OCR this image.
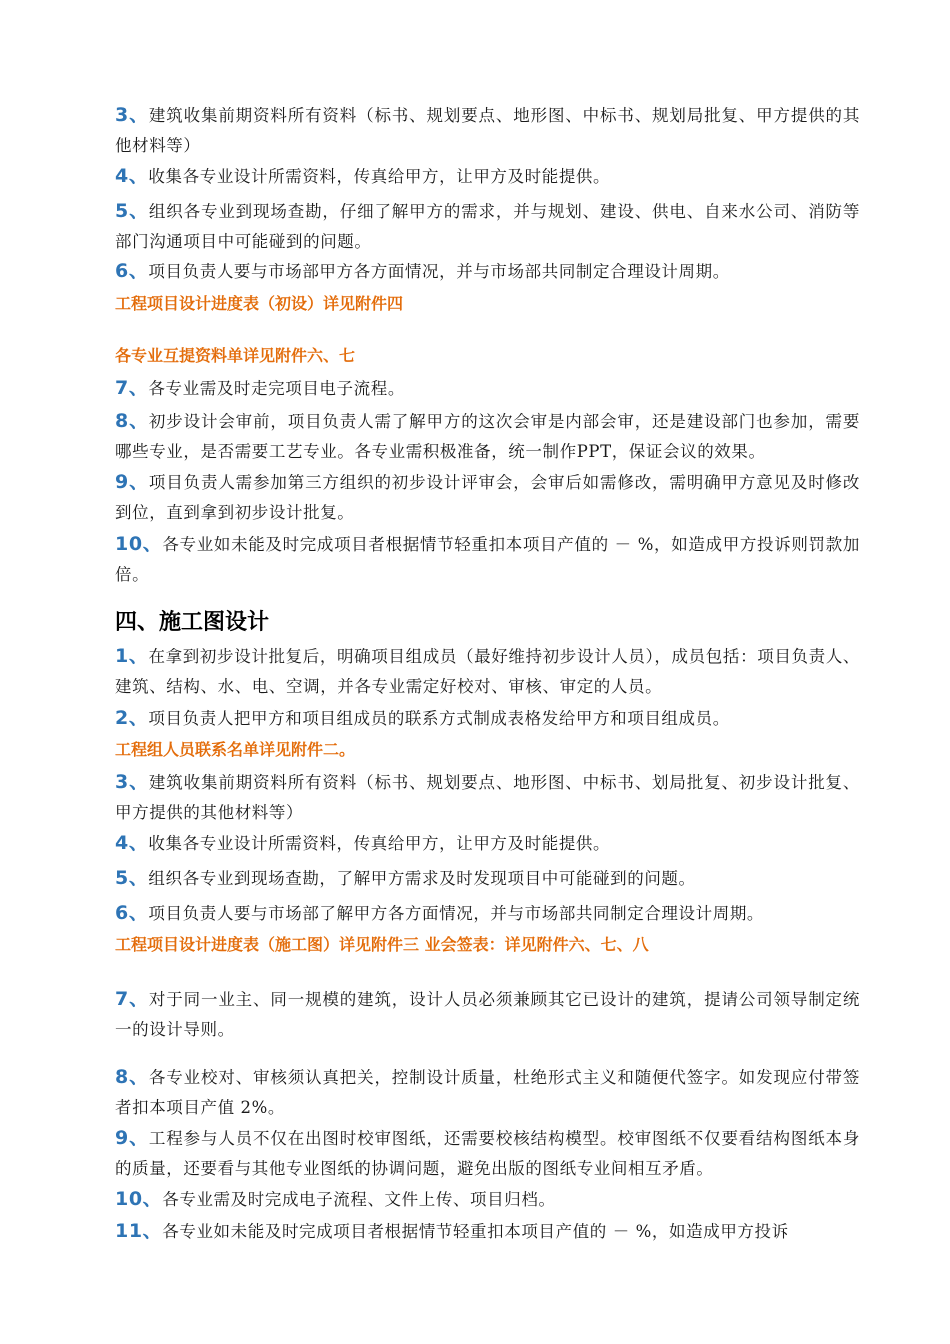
3、建筑收集前期资料所有资料（标书、规划要点、地形图、中标书、规划局批复、甲方提供的其他材料等）
4、收集各专业设计所需资料，传真给甲方，让甲方及时能提供。
5、组织各专业到现场查勘，仔细了解甲方的需求，并与规划、建设、供电、自来水公司、消防等部门沟通项目中可能碰到的问题。
6、项目负责人要与市场部甲方各方面情况，并与市场部共同制定合理设计周期。
工程项目设计进度表（初设）详见附件四
各专业互提资料单详见附件六、七
7、各专业需及时走完项目电子流程。
8、初步设计会审前，项目负责人需了解甲方的这次会审是内部会审，还是建设部门也参加，需要哪些专业，是否需要工艺专业。各专业需积极准备，统一制作PPT，保证会议的效果。
9、项目负责人需参加第三方组织的初步设计评审会，会审后如需修改，需明确甲方意见及时修改到位，直到拿到初步设计批复。
10、各专业如未能及时完成项目者根据情节轻重扣本项目产值的 － %，如造成甲方投诉则罚款加倍。
四、施工图设计
1、在拿到初步设计批复后，明确项目组成员（最好维持初步设计人员），成员包括：项目负责人、建筑、结构、水、电、空调，并各专业需定好校对、审核、审定的人员。
2、项目负责人把甲方和项目组成员的联系方式制成表格发给甲方和项目组成员。
工程组人员联系名单详见附件二。
3、建筑收集前期资料所有资料（标书、规划要点、地形图、中标书、划局批复、初步设计批复、甲方提供的其他材料等）
4、收集各专业设计所需资料，传真给甲方，让甲方及时能提供。
5、组织各专业到现场查勘，了解甲方需求及时发现项目中可能碰到的问题。
6、项目负责人要与市场部了解甲方各方面情况，并与市场部共同制定合理设计周期。
工程项目设计进度表（施工图）详见附件三 业会签表：详见附件六、七、八
7、对于同一业主、同一规模的建筑，设计人员必须兼顾其它已设计的建筑，提请公司领导制定统一的设计导则。
8、各专业校对、审核须认真把关，控制设计质量，杜绝形式主义和随便代签字。如发现应付带签者扣本项目产值 2%。
9、工程参与人员不仅在出图时校审图纸，还需要校核结构模型。校审图纸不仅要看结构图纸本身的质量，还要看与其他专业图纸的协调问题，避免出版的图纸专业间相互矛盾。
10、各专业需及时完成电子流程、文件上传、项目归档。
11、各专业如未能及时完成项目者根据情节轻重扣本项目产值的 － %，如造成甲方投诉
